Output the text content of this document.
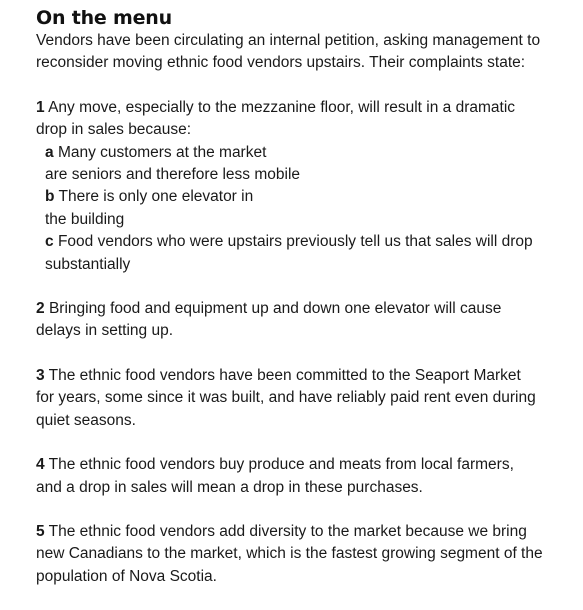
On the menu
Vendors have been circulating an internal petition, asking management to
reconsider moving ethnic food vendors upstairs. Their complaints state:
1 Any move, especially to the mezzanine floor, will result in a dramatic
drop in sales because:

a Many customers at the market

are seniors and therefore less mobile

b There is only one elevator in

the building

c Food vendors who were upstairs previously tell us that sales will drop

substantially

2 Bringing food and equipment up and down one elevator will cause
delays in setting up.
3 The ethnic food vendors have been committed to the Seaport Market
for years, some since it was built, and have reliably paid rent even during
quiet seasons.
4 The ethnic food vendors buy produce and meats from local farmers,
and a drop in sales will mean a drop in these purchases.
5 The ethnic food vendors add diversity to the market because we bring
new Canadians to the market, which is the fastest growing segment of the
population of Nova Scotia.
